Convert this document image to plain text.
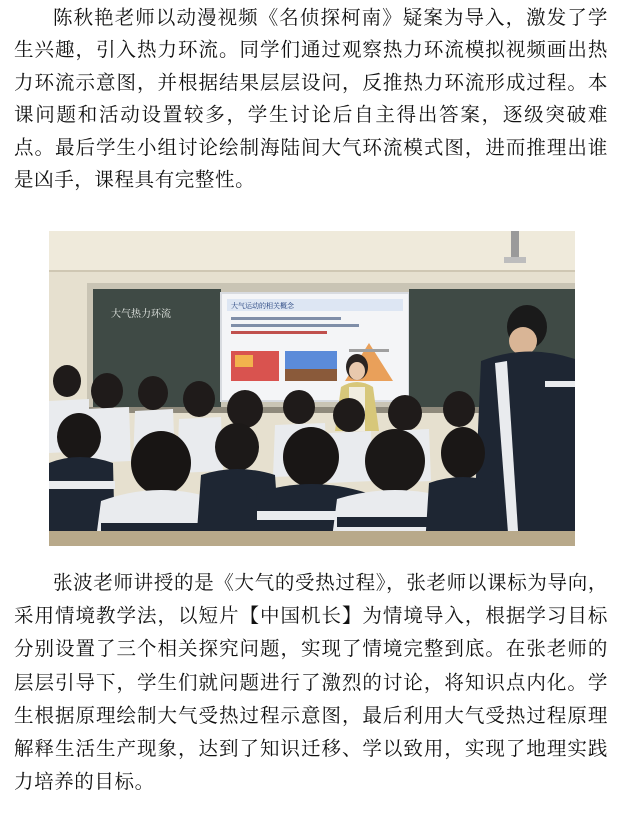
陈秋艳老师以动漫视频《名侦探柯南》疑案为导入，激发了学生兴趣，引入热力环流。同学们通过观察热力环流模拟视频画出热力环流示意图，并根据结果层层设问，反推热力环流形成过程。本课问题和活动设置较多，学生讨论后自主得出答案，逐级突破难点。最后学生小组讨论绘制海陆间大气环流模式图，进而推理出谁是凶手，课程具有完整性。

大气热力环流
大气运动的相关概念

张波老师讲授的是《大气的受热过程》，张老师以课标为导向，采用情境教学法，以短片【中国机长】为情境导入，根据学习目标分别设置了三个相关探究问题，实现了情境完整到底。在张老师的层层引导下，学生们就问题进行了激烈的讨论，将知识点内化。学生根据原理绘制大气受热过程示意图，最后利用大气受热过程原理解释生活生产现象，达到了知识迁移、学以致用，实现了地理实践力培养的目标。
